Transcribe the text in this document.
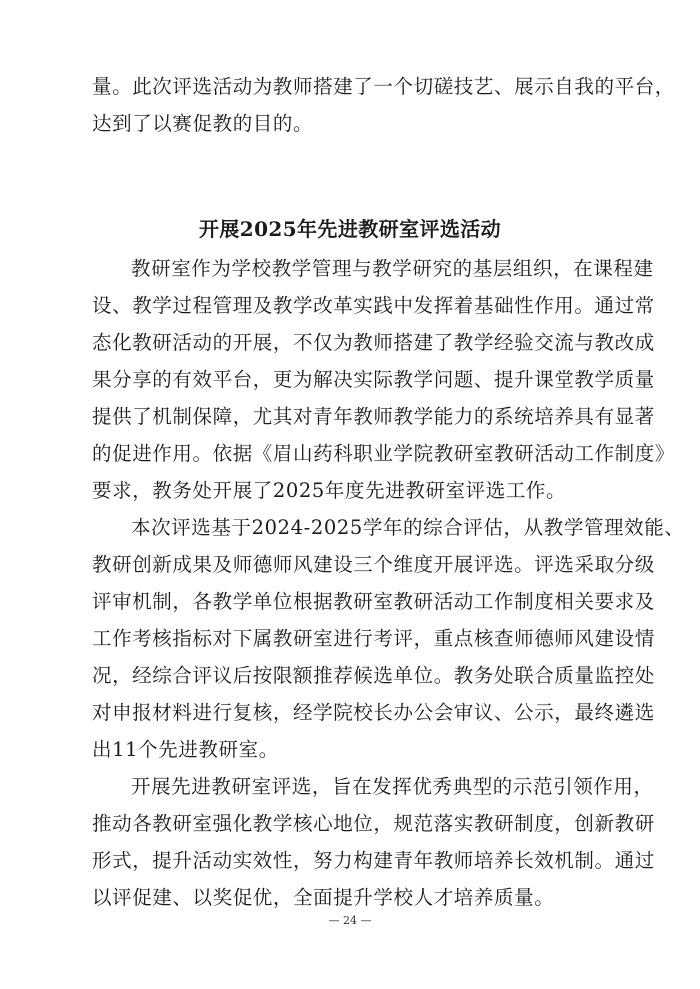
量。此次评选活动为教师搭建了一个切磋技艺、展示自我的平台，
达到了以赛促教的目的。
开展2025年先进教研室评选活动
教研室作为学校教学管理与教学研究的基层组织，在课程建
设、教学过程管理及教学改革实践中发挥着基础性作用。通过常
态化教研活动的开展，不仅为教师搭建了教学经验交流与教改成
果分享的有效平台，更为解决实际教学问题、提升课堂教学质量
提供了机制保障，尤其对青年教师教学能力的系统培养具有显著
的促进作用。依据《眉山药科职业学院教研室教研活动工作制度》
要求，教务处开展了2025年度先进教研室评选工作。
本次评选基于2024-2025学年的综合评估，从教学管理效能、
教研创新成果及师德师风建设三个维度开展评选。评选采取分级
评审机制，各教学单位根据教研室教研活动工作制度相关要求及
工作考核指标对下属教研室进行考评，重点核查师德师风建设情
况，经综合评议后按限额推荐候选单位。教务处联合质量监控处
对申报材料进行复核，经学院校长办公会审议、公示，最终遴选
出11个先进教研室。
开展先进教研室评选，旨在发挥优秀典型的示范引领作用，
推动各教研室强化教学核心地位，规范落实教研制度，创新教研
形式，提升活动实效性，努力构建青年教师培养长效机制。通过
以评促建、以奖促优，全面提升学校人才培养质量。
— 24 —
